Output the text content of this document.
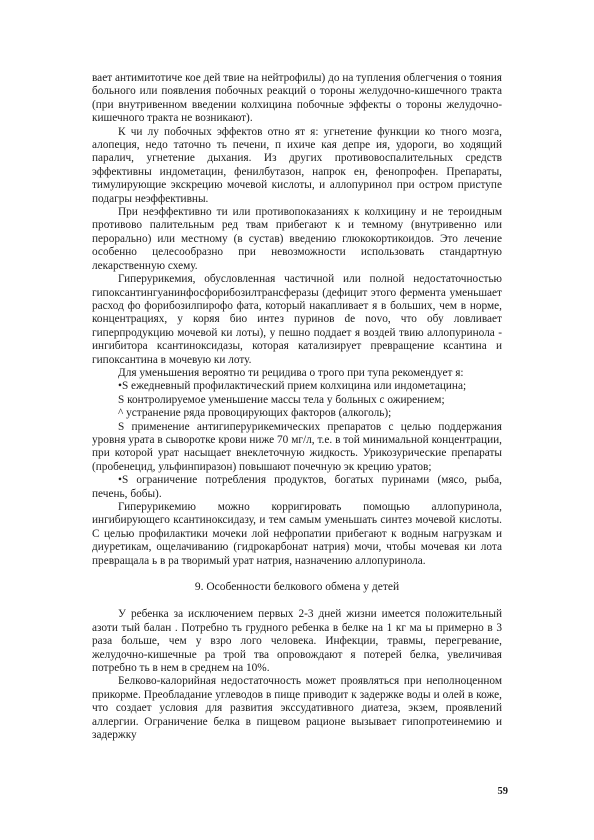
вает антимитотиче кое дей твие на нейтрофилы) до на тупления облегчения о тояния больного или появления побочных реакций о тороны желудочно-кишечного тракта (при внутривенном введении колхицина побочные эффекты о тороны желудочно-кишечного тракта не возникают).

К чи лу побочных эффектов отно ят я: угнетение функции ко тного мозга, алопеция, недо таточно ть печени, п ихиче кая депре ия, удороги, во ходящий паралич, угнетение дыхания. Из других противовоспалительных средств эффективны индометацин, фенилбутазон, напрок ен, фенопрофен. Препараты, тимулирующие экскрецию мочевой кислоты, и аллопуринол при остром приступе подагры неэффективны.

При неэффективно ти или противопоказаниях к колхицину и не тероидным противово палительным ред твам прибегают к и темному (внутривенно или перорально) или местному (в сустав) введению глюкокортикоидов. Это лечение особенно целесообразно при невозможности использовать стандартную лекарственную схему.

Гиперурикемия, обусловленная частичной или полной недостаточностью гипоксантингуанинфосфорибозилтрансферазы (дефицит этого фермента уменьшает расход фо форибозилпирофо фата, который накапливает я в больших, чем в норме, концентрациях, у коряя био интез пуринов de novo, что обу ловливает гиперпродукцию мочевой ки лоты), у пешно поддает я воздей твию аллопуринола - ингибитора ксантиноксидазы, которая катализирует превращение ксантина и гипоксантина в мочевую ки лоту.

Для уменьшения вероятно ти рецидива о трого при тупа рекомендует я:

•S ежедневный профилактический прием колхицина или индометацина;

S контролируемое уменьшение массы тела у больных с ожирением;

^ устранение ряда провоцирующих факторов (алкоголь);

S применение антигиперурикемических препаратов с целью поддержания уровня урата в сыворотке крови ниже 70 мг/л, т.е. в той минимальной концентрации, при которой урат насыщает внеклеточную жидкость. Урикозурические препараты (пробенецид, ульфинпиразон) повышают почечную эк крецию уратов;

•S ограничение потребления продуктов, богатых пуринами (мясо, рыба, печень, бобы).

Гиперурикемию можно корригировать помощью аллопуринола, ингибирующего ксантиноксидазу, и тем самым уменьшать синтез мочевой кислоты. С целью профилактики мочеки лой нефропатии прибегают к водным нагрузкам и диуретикам, ощелачиванию (гидрокарбонат натрия) мочи, чтобы мочевая ки лота превращала ь в ра творимый урат натрия, назначению аллопуринола.

9. Особенности белкового обмена у детей

У ребенка за исключением первых 2-3 дней жизни имеется положительный азоти тый балан . Потребно ть грудного ребенка в белке на 1 кг ма ы примерно в 3 раза больше, чем у взро лого человека. Инфекции, травмы, перегревание, желудочно-кишечные ра трой тва опровождают я потерей белка, увеличивая потребно ть в нем в среднем на 10%.

Белково-калорийная недостаточность может проявляться при неполноценном прикорме. Преобладание углеводов в пище приводит к задержке воды и олей в коже, что создает условия для развития экссудативного диатеза, экзем, проявлений аллергии. Ограничение белка в пищевом рационе вызывает гипопротеинемию и задержку

59
